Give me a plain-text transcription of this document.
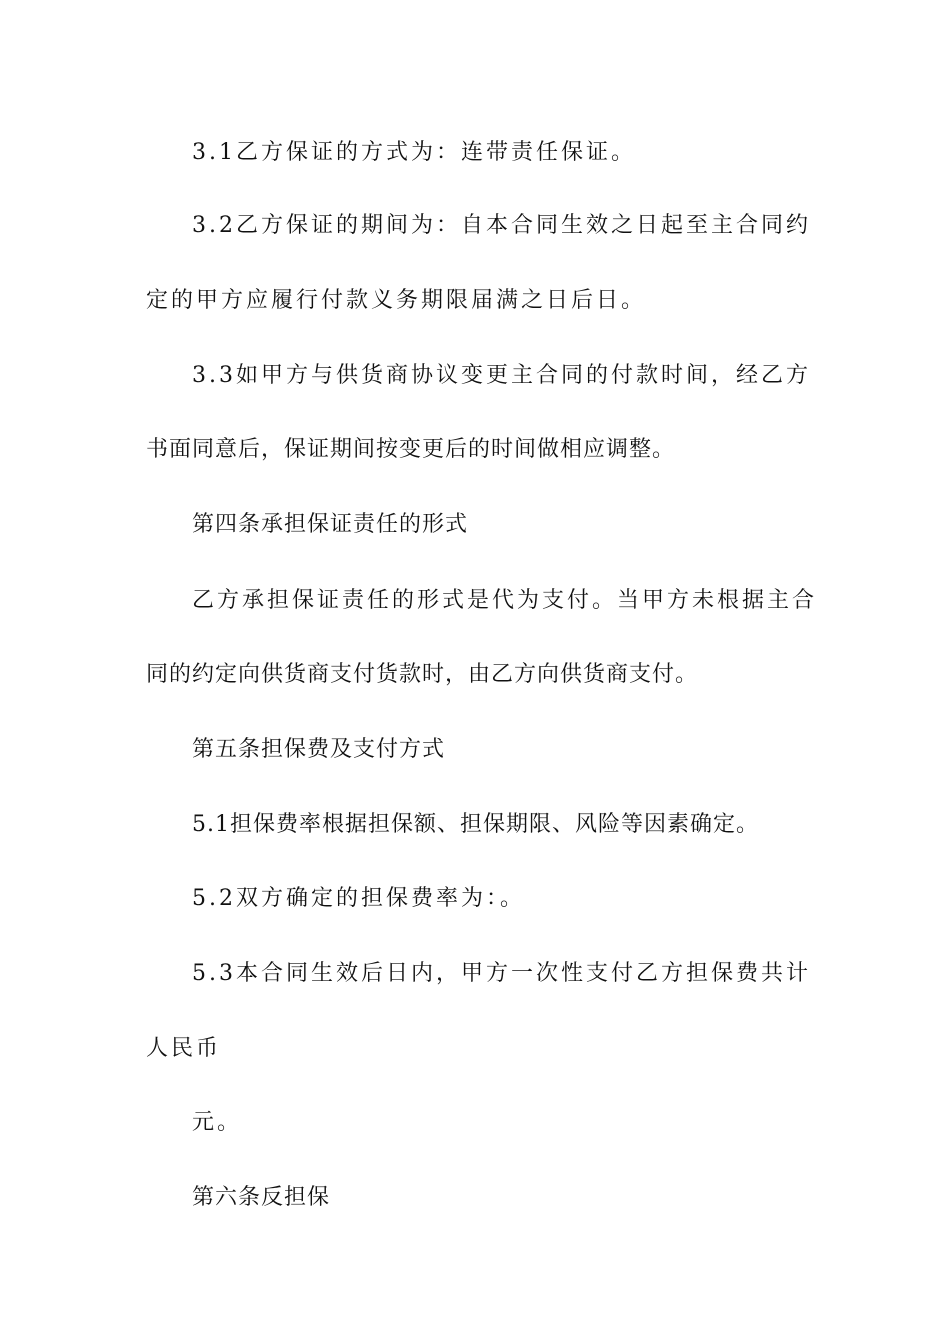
3.1乙方保证的方式为：连带责任保证。
3.2乙方保证的期间为：自本合同生效之日起至主合同约
定的甲方应履行付款义务期限届满之日后日。
3.3如甲方与供货商协议变更主合同的付款时间，经乙方
书面同意后，保证期间按变更后的时间做相应调整。
第四条承担保证责任的形式
乙方承担保证责任的形式是代为支付。当甲方未根据主合
同的约定向供货商支付货款时，由乙方向供货商支付。
第五条担保费及支付方式
5.1担保费率根据担保额、担保期限、风险等因素确定。
5.2双方确定的担保费率为：。
5.3本合同生效后日内，甲方一次性支付乙方担保费共计
人民币
元。
第六条反担保
